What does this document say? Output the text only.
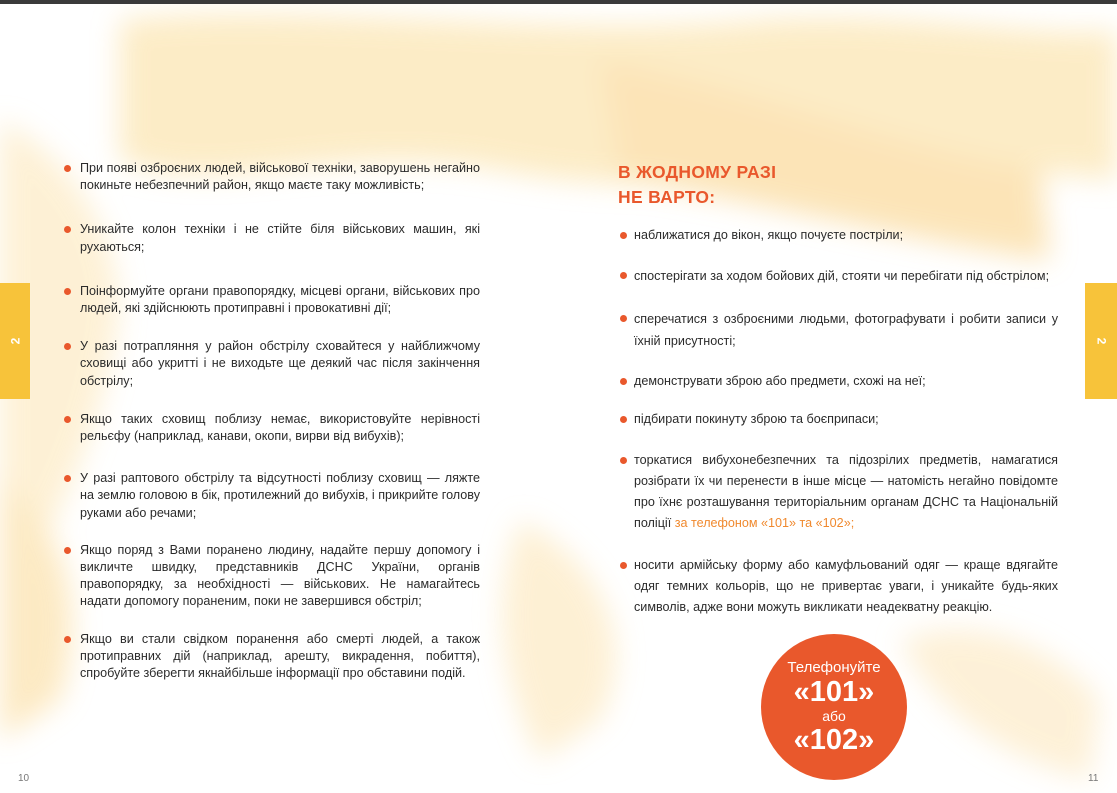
2	2
При появі озброєних людей, військової техніки, заворушень негайно покиньте небезпечний район, якщо маєте таку можливість;
Уникайте колон техніки і не стійте біля військових машин, які рухаються;
Поінформуйте органи правопорядку, місцеві органи, військових про людей, які здійснюють протиправні і провокативні дії;
У разі потрапляння у район обстрілу сховайтеся у найближчому сховищі або укритті і не виходьте ще деякий час після закінчення обстрілу;
Якщо таких сховищ поблизу немає, використовуйте нерівності рельєфу (наприклад, канави, окопи, вирви від вибухів);
У разі раптового обстрілу та відсутності поблизу сховищ — ляжте на землю головою в бік, протилежний до вибухів, і прикрийте голову руками або речами;
Якщо поряд з Вами поранено людину, надайте першу допомогу і викличте швидку, представників ДСНС України, органів правопорядку, за необхідності — військових. Не намагайтесь надати допомогу пораненим, поки не завершився обстріл;
Якщо ви стали свідком поранення або смерті людей, а також протиправних дій (наприклад, арешту, викрадення, побиття), спробуйте зберегти якнайбільше інформації про обставини подій.
В ЖОДНОМУ РАЗІ
НЕ ВАРТО:
наближатися до вікон, якщо почуєте постріли;
спостерігати за ходом бойових дій, стояти чи перебігати під обстрілом;
сперечатися з озброєними людьми, фотографувати і робити записи у їхній присутності;
демонструвати зброю або предмети, схожі на неї;
підбирати покинуту зброю та боєприпаси;
торкатися вибухонебезпечних та підозрілих предметів, намагатися розібрати їх чи перенести в інше місце — натомість негайно повідомте про їхнє розташування територіальним органам ДСНС та Національній поліції за телефоном «101» та «102»;
носити армійську форму або камуфльований одяг — краще вдягайте одяг темних кольорів, що не привертає уваги, і уникайте будь-яких символів, адже вони можуть викликати неадекватну реакцію.
Телефонуйте
«101»
або
«102»
10	11
